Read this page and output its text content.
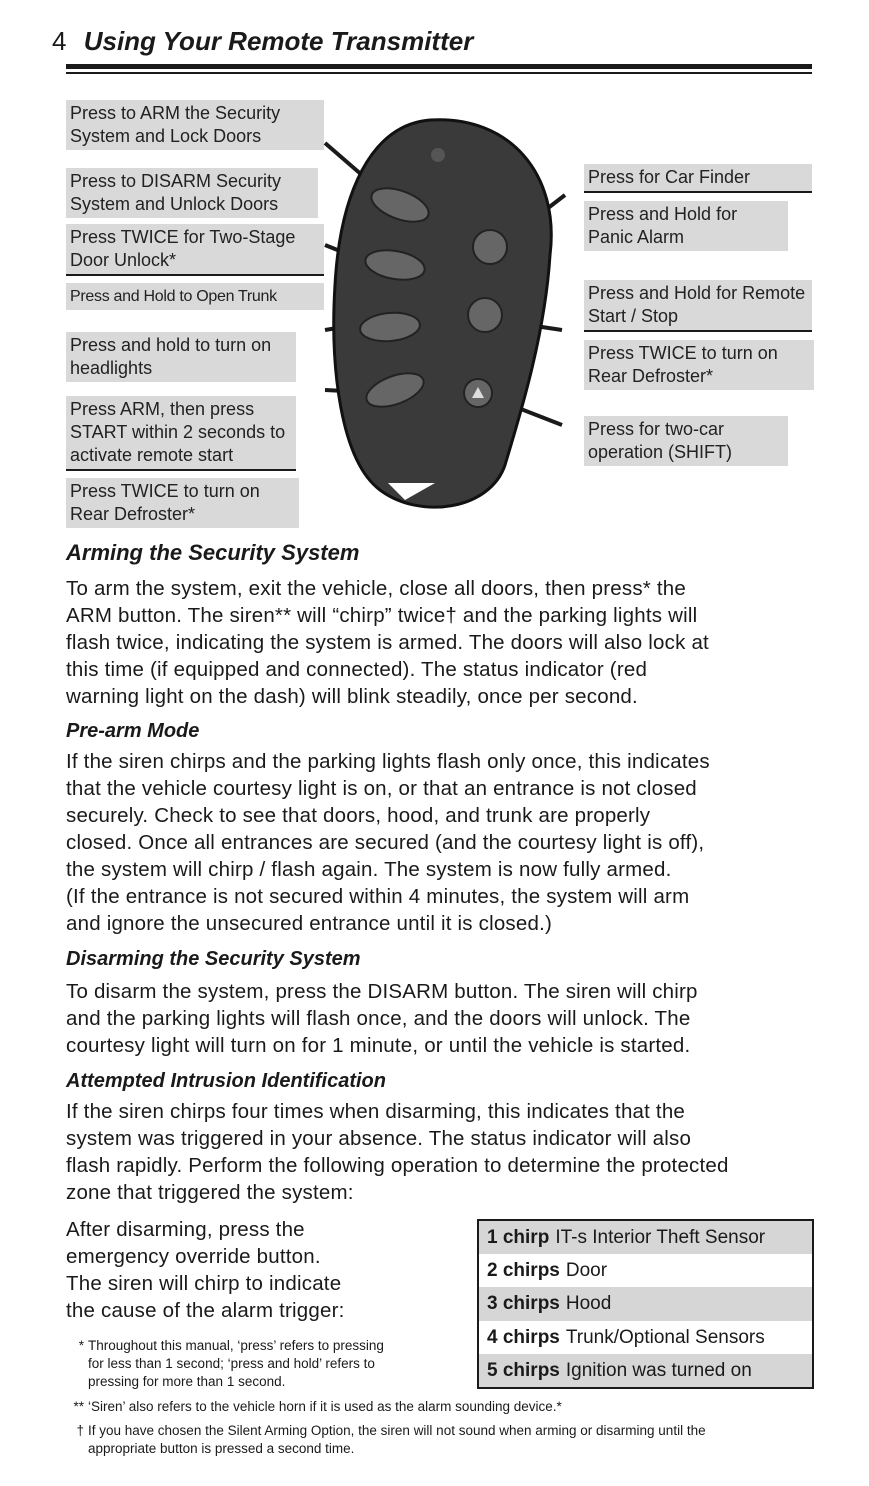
4 Using Your Remote Transmitter
Press to ARM the Security System and Lock Doors
Press to DISARM Security System and Unlock Doors
Press TWICE for Two-Stage Door Unlock*
Press and Hold to Open Trunk
Press and hold to turn on headlights
Press ARM, then press START within 2 seconds to activate remote start
Press TWICE to turn on Rear Defroster*
Press for Car Finder
Press and Hold for Panic Alarm
Press and Hold for Remote Start / Stop
Press TWICE to turn on Rear Defroster*
Press for two-car operation (SHIFT)
Arming the Security System
To arm the system, exit the vehicle, close all doors, then press* the
ARM button. The siren** will “chirp” twice† and the parking lights will
flash twice, indicating the system is armed. The doors will also lock at
this time (if equipped and connected). The status indicator (red
warning light on the dash) will blink steadily, once per second.
Pre-arm Mode
If the siren chirps and the parking lights flash only once, this indicates
that the vehicle courtesy light is on, or that an entrance is not closed
securely. Check to see that doors, hood, and trunk are properly
closed. Once all entrances are secured (and the courtesy light is off),
the system will chirp / flash again. The system is now fully armed.
(If the entrance is not secured within 4 minutes, the system will arm
and ignore the unsecured entrance until it is closed.)
Disarming the Security System
To disarm the system, press the DISARM button. The siren will chirp
and the parking lights will flash once, and the doors will unlock. The
courtesy light will turn on for 1 minute, or until the vehicle is started.
Attempted Intrusion Identification
If the siren chirps four times when disarming, this indicates that the
system was triggered in your absence. The status indicator will also
flash rapidly. Perform the following operation to determine the protected
zone that triggered the system:
After disarming, press the
emergency override button.
The siren will chirp to indicate
the cause of the alarm trigger:
1 chirp IT-s Interior Theft Sensor
2 chirps Door
3 chirps Hood
4 chirps Trunk/Optional Sensors
5 chirps Ignition was turned on
* Throughout this manual, ‘press’ refers to pressing
for less than 1 second; ‘press and hold’ refers to
pressing for more than 1 second.
** ‘Siren’ also refers to the vehicle horn if it is used as the alarm sounding device.*
† If you have chosen the Silent Arming Option, the siren will not sound when arming or disarming until the
appropriate button is pressed a second time.
